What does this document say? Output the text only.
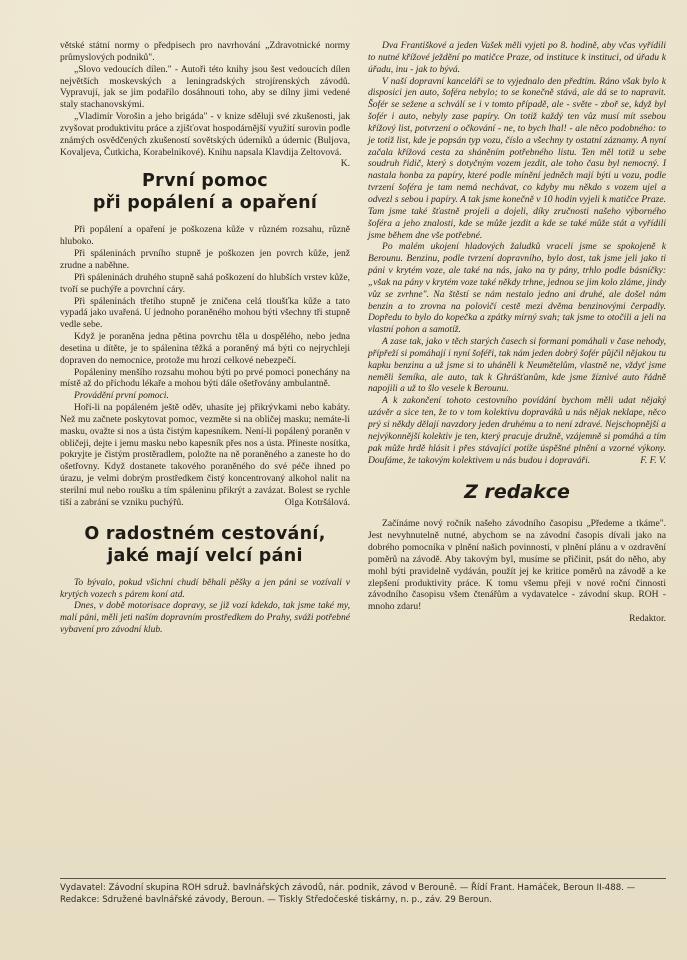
větské státní normy o předpisech pro navrhování „Zdravotnické normy průmyslových podniků".

„Slovo vedoucích dílen." - Autoři této knihy jsou šest vedoucích dílen největších moskevských a leningradských strojírenských závodů. Vypravují, jak se jim podařilo dosáhnouti toho, aby se dílny jimi vedené staly stachanovskými.

„Vladimír Vorošin a jeho brigáda" - v knize sděluji své zkušenosti, jak zvyšovat produktivitu práce a zjišťovat hospodárnější využití surovin podle známých osvědčených zkušeností sovětských úderníků a údernic (Buljova, Kovaljeva, Čutkicha, Korabelnikové). Knihu napsala Klavdija Zeltovová.
K.

První pomoc
při popálení a opaření

Při popálení a opaření je poškozena kůže v různém rozsahu, různě hluboko.

Při spáleninách prvního stupně je poškozen jen povrch kůže, jenž zrudne a naběhne.

Při spáleninách druhého stupně sahá poškození do hlubších vrstev kůže, tvoří se puchýře a povrchní cáry.

Při spáleninách třetího stupně je zničena celá tloušťka kůže a tato vypadá jako uvařená. U jednoho poraněného mohou býti všechny tři stupně vedle sebe.

Když je poraněna jedna pětina povrchu těla u dospělého, nebo jedna desetina u dítěte, je to spálenina těžká a poraněný má býti co nejrychleji dopraven do nemocnice, protože mu hrozí celkové nebezpečí.

Popáleniny menšího rozsahu mohou býti po prvé pomoci ponechány na místě až do příchodu lékaře a mohou býti dále ošetřovány ambulantně.

Provádění první pomoci.

Hoří-li na popáleném ještě oděv, uhasíte jej přikrývkami nebo kabáty. Než mu začnete poskytovat pomoc, vezměte si na obličej masku; nemáte-li masku, ovažte si nos a ústa čistým kapesníkem. Není-li popálený poraněn v obličeji, dejte i jemu masku nebo kapesník přes nos a ústa. Přineste nosítka, pokryjte je čistým prostěradlem, položte na ně poraněného a zaneste ho do ošetřovny. Když dostanete takového poraněného do své péče ihned po úrazu, je velmi dobrým prostředkem čistý koncentrovaný alkohol nalit na sterilní mul nebo roušku a tím spáleninu přikrýt a zavázat. Bolest se rychle tiší a zabrání se vzniku puchýřů.	Olga Kotršálová.

O radostném cestování,
jaké mají velcí páni

To bývalo, pokud všichni chudí běhali pěšky a jen páni se vozívali v krytých vozech s párem koní atd.

Dnes, v době motorisace dopravy, se již vozí kdekdo, tak jsme také my, malí páni, měli jeti naším dopravním prostředkem do Prahy, sváži potřebné vybavení pro závodní klub.

Dva Františkové a jeden Vašek měli vyjeti po 8. hodině, aby včas vyřídili to nutné křížové ježdění po matičce Praze, od instituce k instituci, od úřadu k úřadu, inu - jak to bývá.

V naší dopravní kanceláři se to vyjednalo den předtím. Ráno však bylo k disposici jen auto, šoféra nebylo; to se konečně stává, ale dá se to napravit. Šofér se sežene a schválí se i v tomto případě, ale - světe - zboř se, když byl šofér i auto, nebyly zase papíry. On totiž každý ten vůz musí mít ssebou křížový list, potvrzení o očkování - ne, to bych lhal! - ale něco podobného: to je totiž list, kde je popsán typ vozu, číslo a všechny ty ostatní záznamy. A nyní začala křížová cesta za sháněním potřebného listu. Ten měl totiž u sebe soudruh řidič, který s dotyčným vozem jezdit, ale toho času byl nemocný. I nastala honba za papíry, které podle mínění jedněch mají býti u vozu, podle tvrzení šoféra je tam nemá nechávat, co kdyby mu někdo s vozem ujel a odvezl s sebou i papíry. A tak jsme konečně v 10 hodin vyjeli k matičce Praze. Tam jsme také šťastně projeli a dojeli, díky zručnosti našeho výborného šoféra a jeho znalosti, kde se může jezdit a kde se také může stát a vyřídili jsme během dne vše potřebné.

Po malém ukojení hladových žaludků vraceli jsme se spokojeně k Berounu. Benzinu, podle tvrzení dopravního, bylo dost, tak jsme jeli jako ti páni v krytém voze, ale také na nás, jako na ty pány, trhlo podle básníčky: „však na pány v krytém voze také někdy trhne, jednou se jim kolo zláme, jindy vůz se zvrhne". Na štěstí se nám nestalo jedno ani druhé, ale došel nám benzin a to zrovna na polovičí cestě mezi dvěma benzinovými čerpadly. Dopředu to bylo do kopečka a zpátky mírný svah; tak jsme to otočili a jeli na vlastní pohon a samotíž.

A zase tak, jako v těch starých časech si formani pomáhali v čase nehody, přípřeží si pomáhají i nyní šoféři, tak nám jeden dobrý šofér půjčil nějakou tu kapku benzinu a už jsme si to uháněli k Neumětelům, vlastně ne, vždyť jsme neměli šemíka, ale auto, tak k Ghrášťanům, kde jsme žíznivé auto řádně napojili a už to šlo vesele k Berounu.

A k zakončení tohoto cestovního povídání bychom měli udat nějaký uzávěr a sice ten, že to v tom kolektivu dopraváků u nás nějak neklape, něco prý si někdy dělají navzdory jeden druhému a to není zdravé. Nejschopnější a nejvýkonnější kolektiv je ten, který pracuje družně, vzájemně si pomáhá a tím pak může hrdě hlásit i přes stávající potíže úspěšné plnění a vzorné výkony. Doufáme, že takovým kolektivem u nás budou i dopraváři.	F. F. V.

Z redakce

Začínáme nový ročník našeho závodního časopisu „Předeme a tkáme". Jest nevyhnutelně nutné, abychom se na závodní časopis dívali jako na dobrého pomocníka v plnění našich povinností, v plnění plánu a v ozdravění poměrů na závodě. Aby takovým byl, musíme se přičinit, psát do něho, aby mohl býti pravidelně vydáván, použít jej ke kritice poměrů na závodě a ke zlepšení produktivity práce. K tomu všemu přeji v nové roční činnosti závodního časopisu všem čtenářům a vydavatelce - závodní skup. ROH - mnoho zdaru!

Redaktor.
Vydavatel: Závodní skupina ROH sdruž. bavlnářských závodů, nár. podnik, závod v Berouně. — Řídí Frant. Hamáček, Beroun II-488. — Redakce: Sdružené bavlnářské závody, Beroun. — Tiskly Středočeské tiskárny, n. p., záv. 29 Beroun.
